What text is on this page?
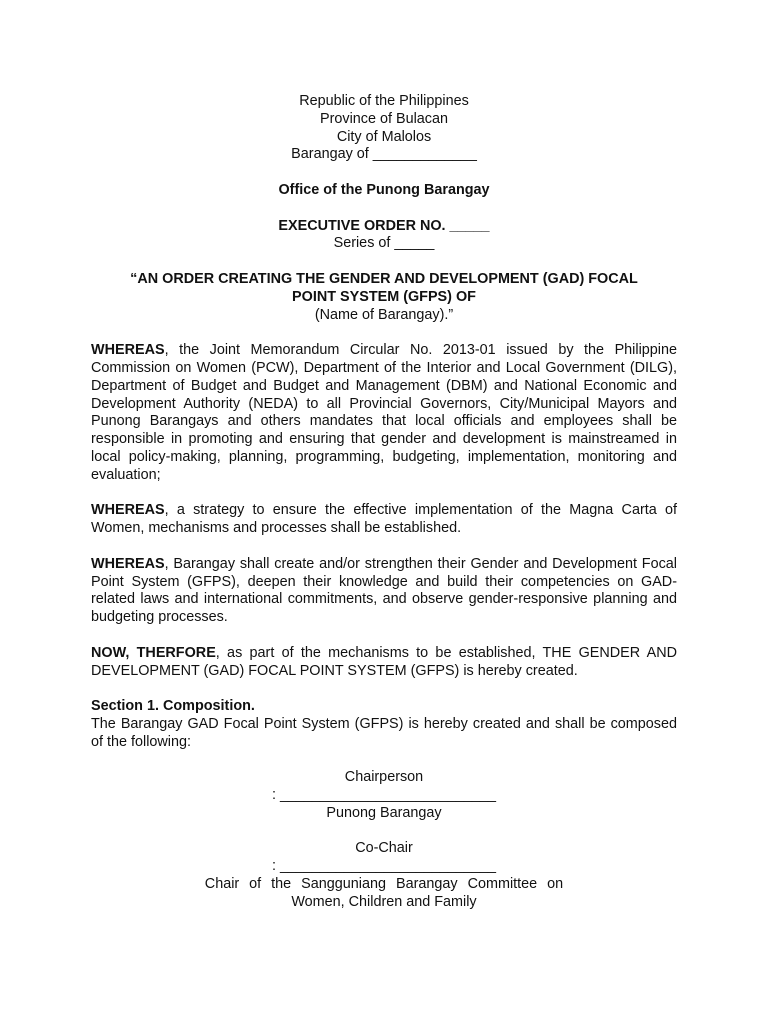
Republic of the Philippines
Province of Bulacan
City of Malolos
Barangay of _____________
Office of the Punong Barangay
EXECUTIVE ORDER NO. _____
Series of _____
“AN ORDER CREATING THE GENDER AND DEVELOPMENT (GAD) FOCAL
POINT SYSTEM (GFPS) OF
(Name of Barangay).”

WHEREAS, the Joint Memorandum Circular No. 2013-01 issued by the Philippine Commission on Women (PCW), Department of the Interior and Local Government (DILG), Department of Budget and Budget and Management (DBM) and National Economic and Development Authority (NEDA) to all Provincial Governors, City/Municipal Mayors and Punong Barangays and others mandates that local officials and employees shall be responsible in promoting and ensuring that gender and development is mainstreamed in local policy-making, planning, programming, budgeting, implementation, monitoring and evaluation;

WHEREAS, a strategy to ensure the effective implementation of the Magna Carta of Women, mechanisms and processes shall be established.

WHEREAS, Barangay shall create and/or strengthen their Gender and Development Focal Point System (GFPS), deepen their knowledge and build their competencies on GAD-related laws and international commitments, and observe gender-responsive planning and budgeting processes.

NOW, THERFORE, as part of the mechanisms to be established, THE GENDER AND DEVELOPMENT (GAD) FOCAL POINT SYSTEM (GFPS) is hereby created.

Section 1. Composition.

The Barangay GAD Focal Point System (GFPS) is hereby created and shall be composed of the following:

Chairperson
: ___________________________
Punong Barangay
Co-Chair
: ___________________________
Chair of the Sangguniang Barangay Committee on
Women, Children and Family
